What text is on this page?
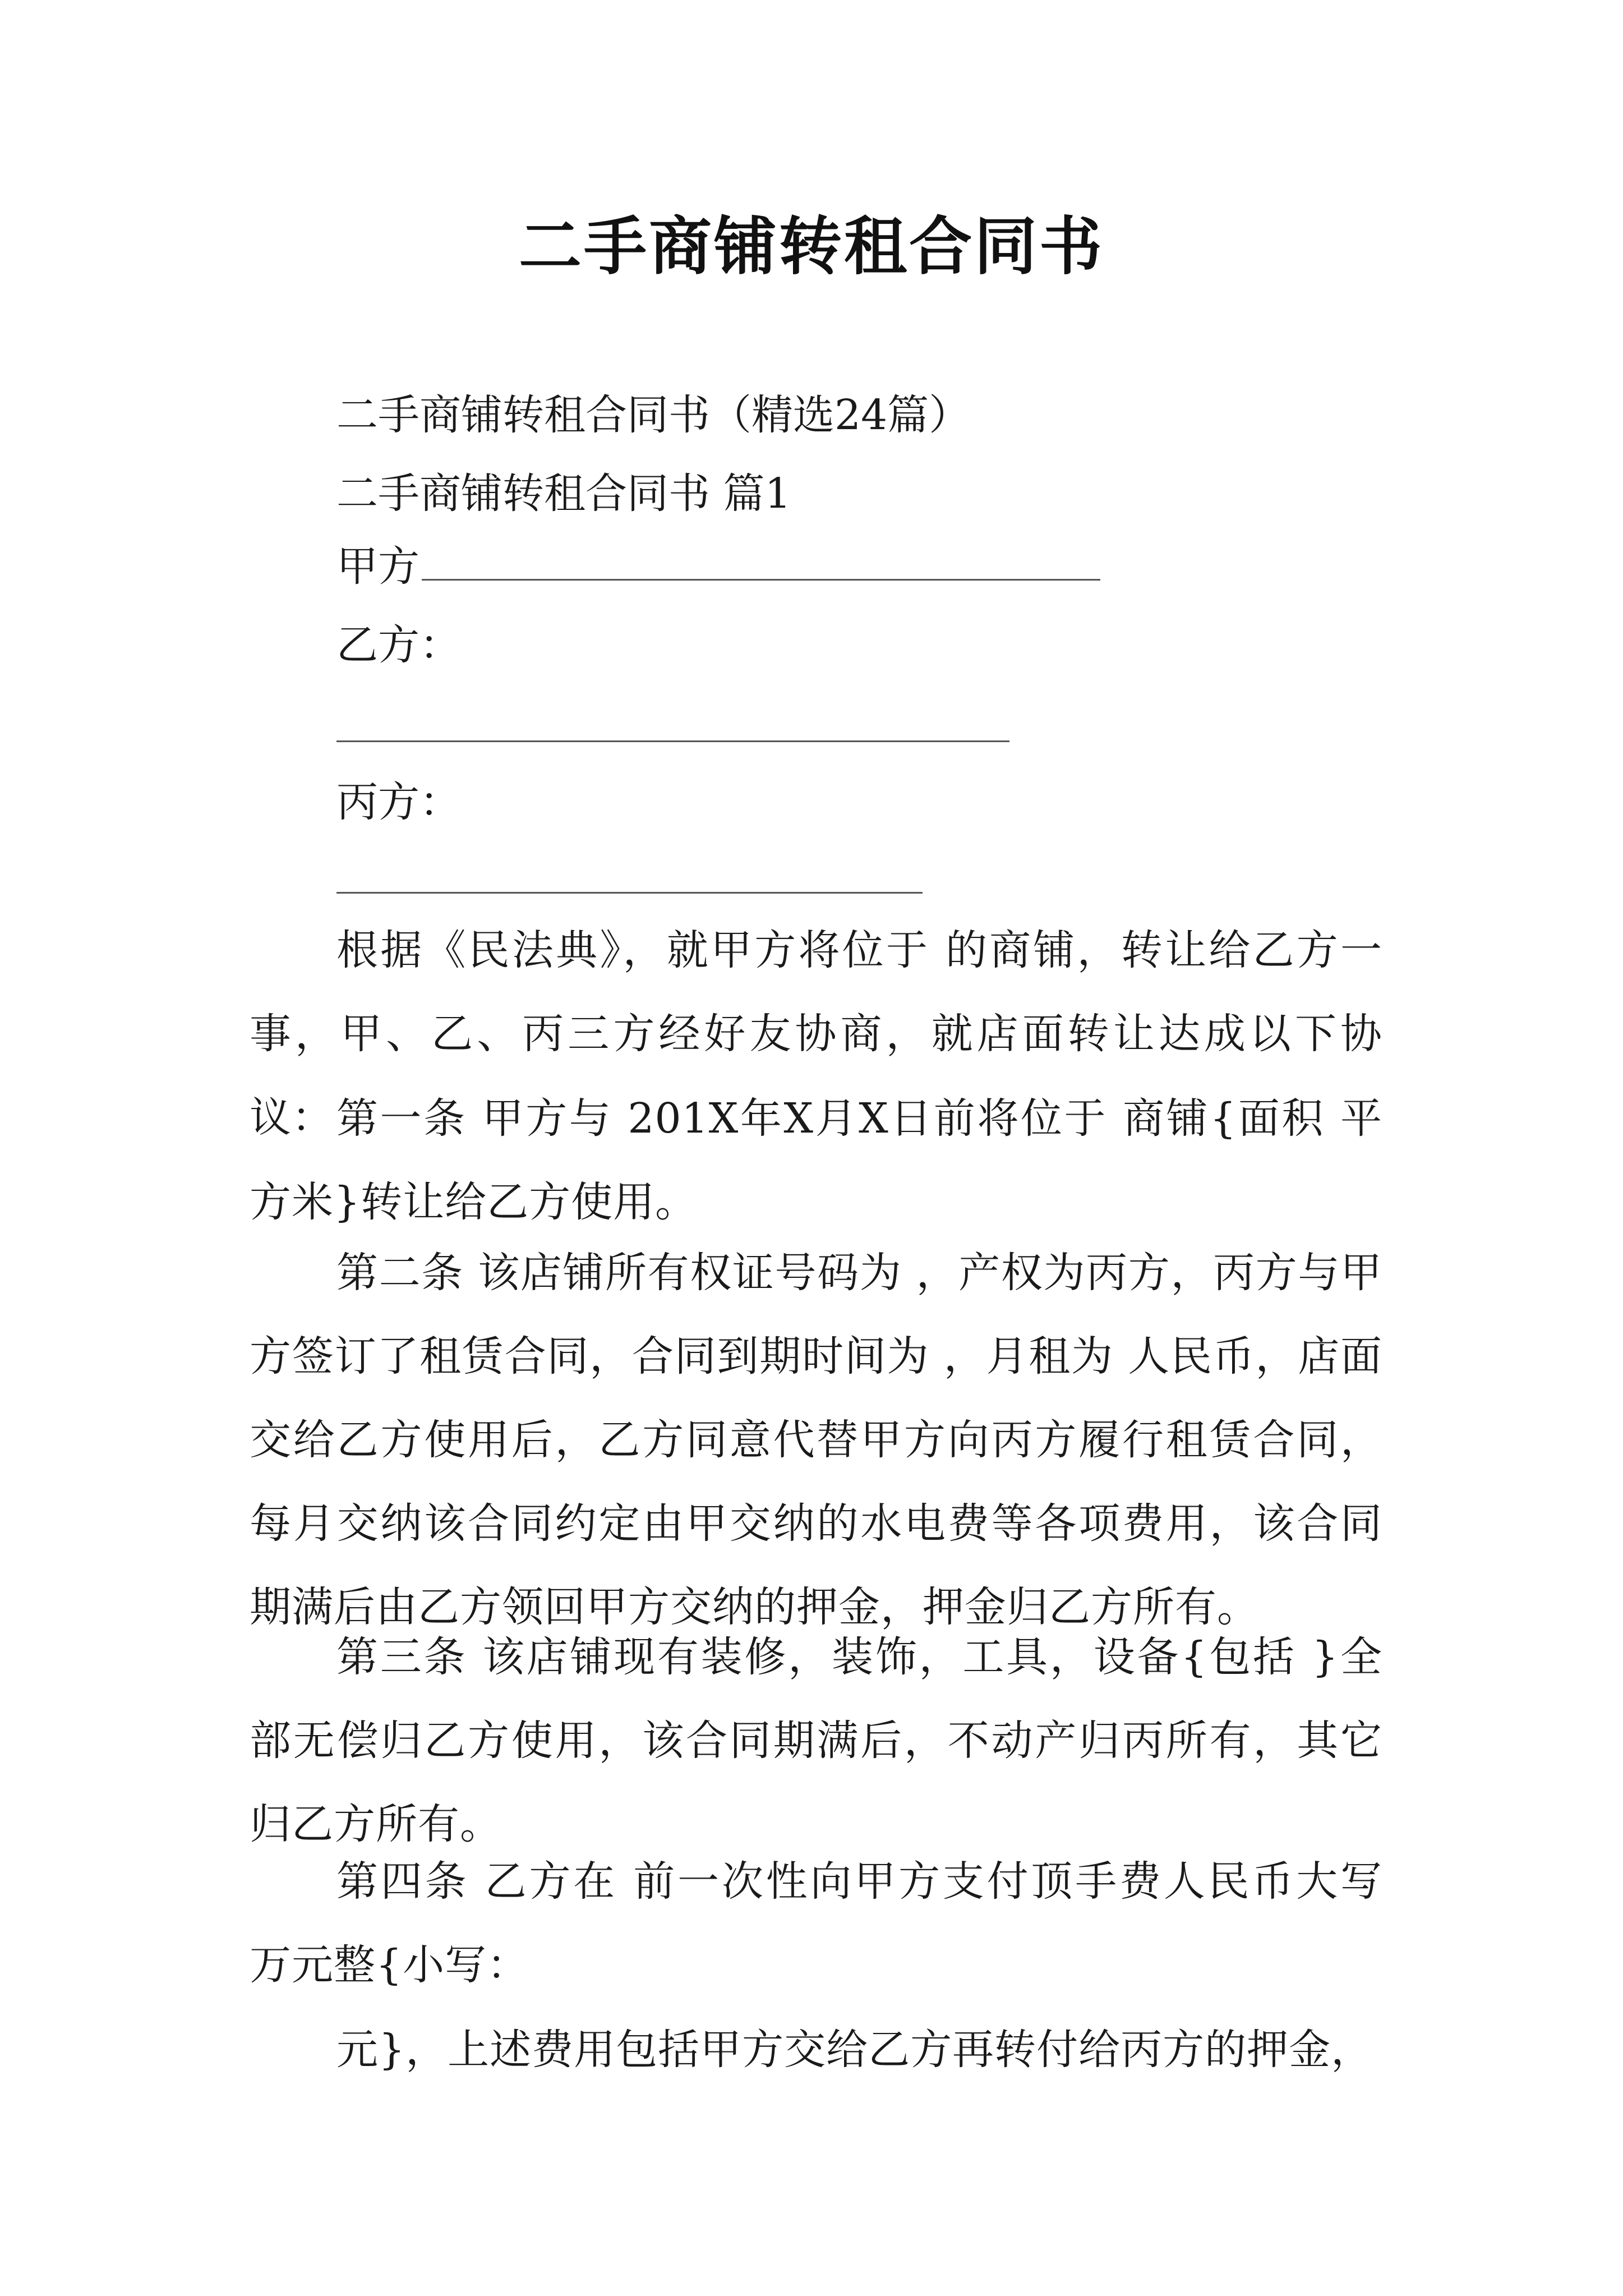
二手商铺转租合同书
二手商铺转租合同书（精选24篇）
二手商铺转租合同书 篇1
甲方
乙方：
丙方：
根据《民法典》，就甲方将位于 的商铺，转让给乙方一事，甲、乙、丙三方经好友协商，就店面转让达成以下协议： 第一条 甲方与 201X年X月X日前将位于 商铺{面积 平方米}转让给乙方使用。
第二条 该店铺所有权证号码为 ，产权为丙方，丙方与甲方签订了租赁合同，合同到期时间为 ，月租为 人民币，店面交给乙方使用后，乙方同意代替甲方向丙方履行租赁合同，每月交纳该合同约定由甲交纳的水电费等各项费用，该合同期满后由乙方领回甲方交纳的押金，押金归乙方所有。
第三条 该店铺现有装修，装饰，工具，设备{包括 }全部无偿归乙方使用，该合同期满后，不动产归丙所有，其它归乙方所有。
第四条 乙方在 前一次性向甲方支付顶手费人民币大写 万元整{小写：
元}，上述费用包括甲方交给乙方再转付给丙方的押金，
